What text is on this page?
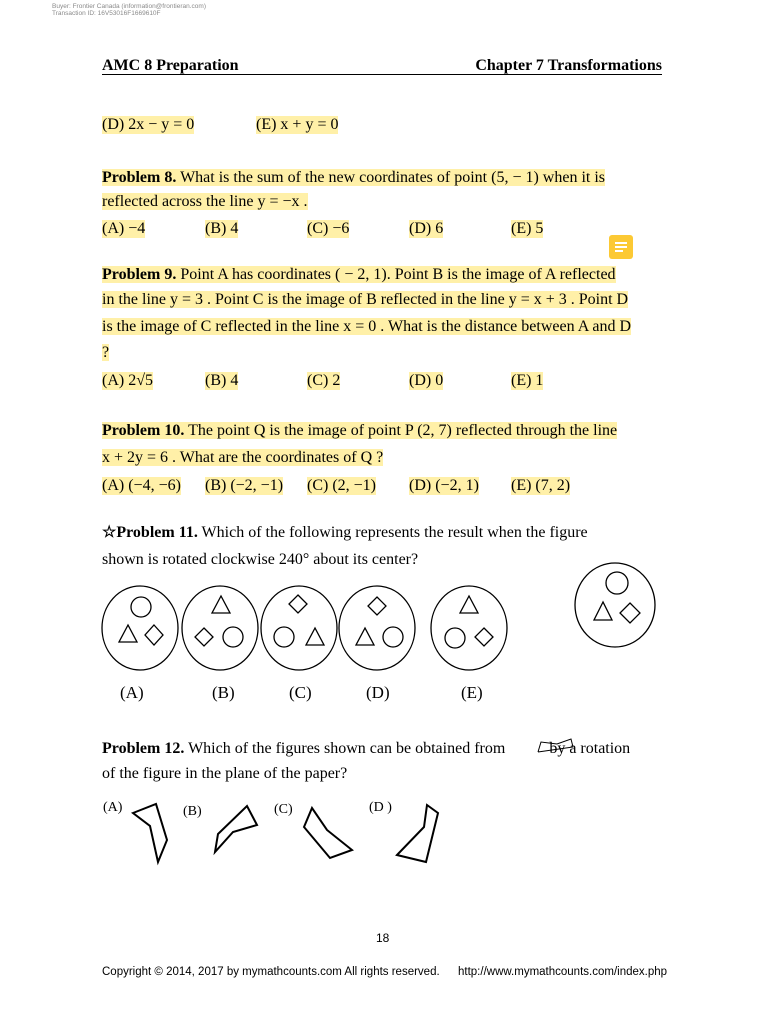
Buyer: Frontier Canada (information@frontieran.com)
Transaction ID: 16V53016F1669610F
AMC 8 Preparation	Chapter 7 Transformations
(D) 2x − y = 0	(E) x + y = 0
Problem 8. What is the sum of the new coordinates of point (5, − 1) when it is
reflected across the line y = −x .
(A) −4	(B) 4	(C) −6	(D) 6	(E) 5
Problem 9. Point A has coordinates ( − 2, 1). Point B is the image of A reflected
in the line y = 3 . Point C is the image of B reflected in the line y = x + 3 . Point D
is the image of C reflected in the line x = 0 . What is the distance between A and D
?
(A) 2√5	(B) 4	(C) 2	(D) 0	(E) 1
Problem 10. The point Q is the image of point P (2, 7) reflected through the line
x + 2y = 6 . What are the coordinates of Q ?
(A) (−4, −6) (B) (−2, −1) (C) (2, −1) (D) (−2, 1) (E) (7, 2)
☆Problem 11. Which of the following represents the result when the figure
shown is rotated clockwise 240° about its center?
(A)	(B)	(C)	(D)	(E)
Problem 12. Which of the figures shown can be obtained from  by a rotation
of the figure in the plane of the paper?
(A)	(B)	(C)	(D )
18
Copyright © 2014, 2017 by mymathcounts.com All rights reserved. http://www.mymathcounts.com/index.php
